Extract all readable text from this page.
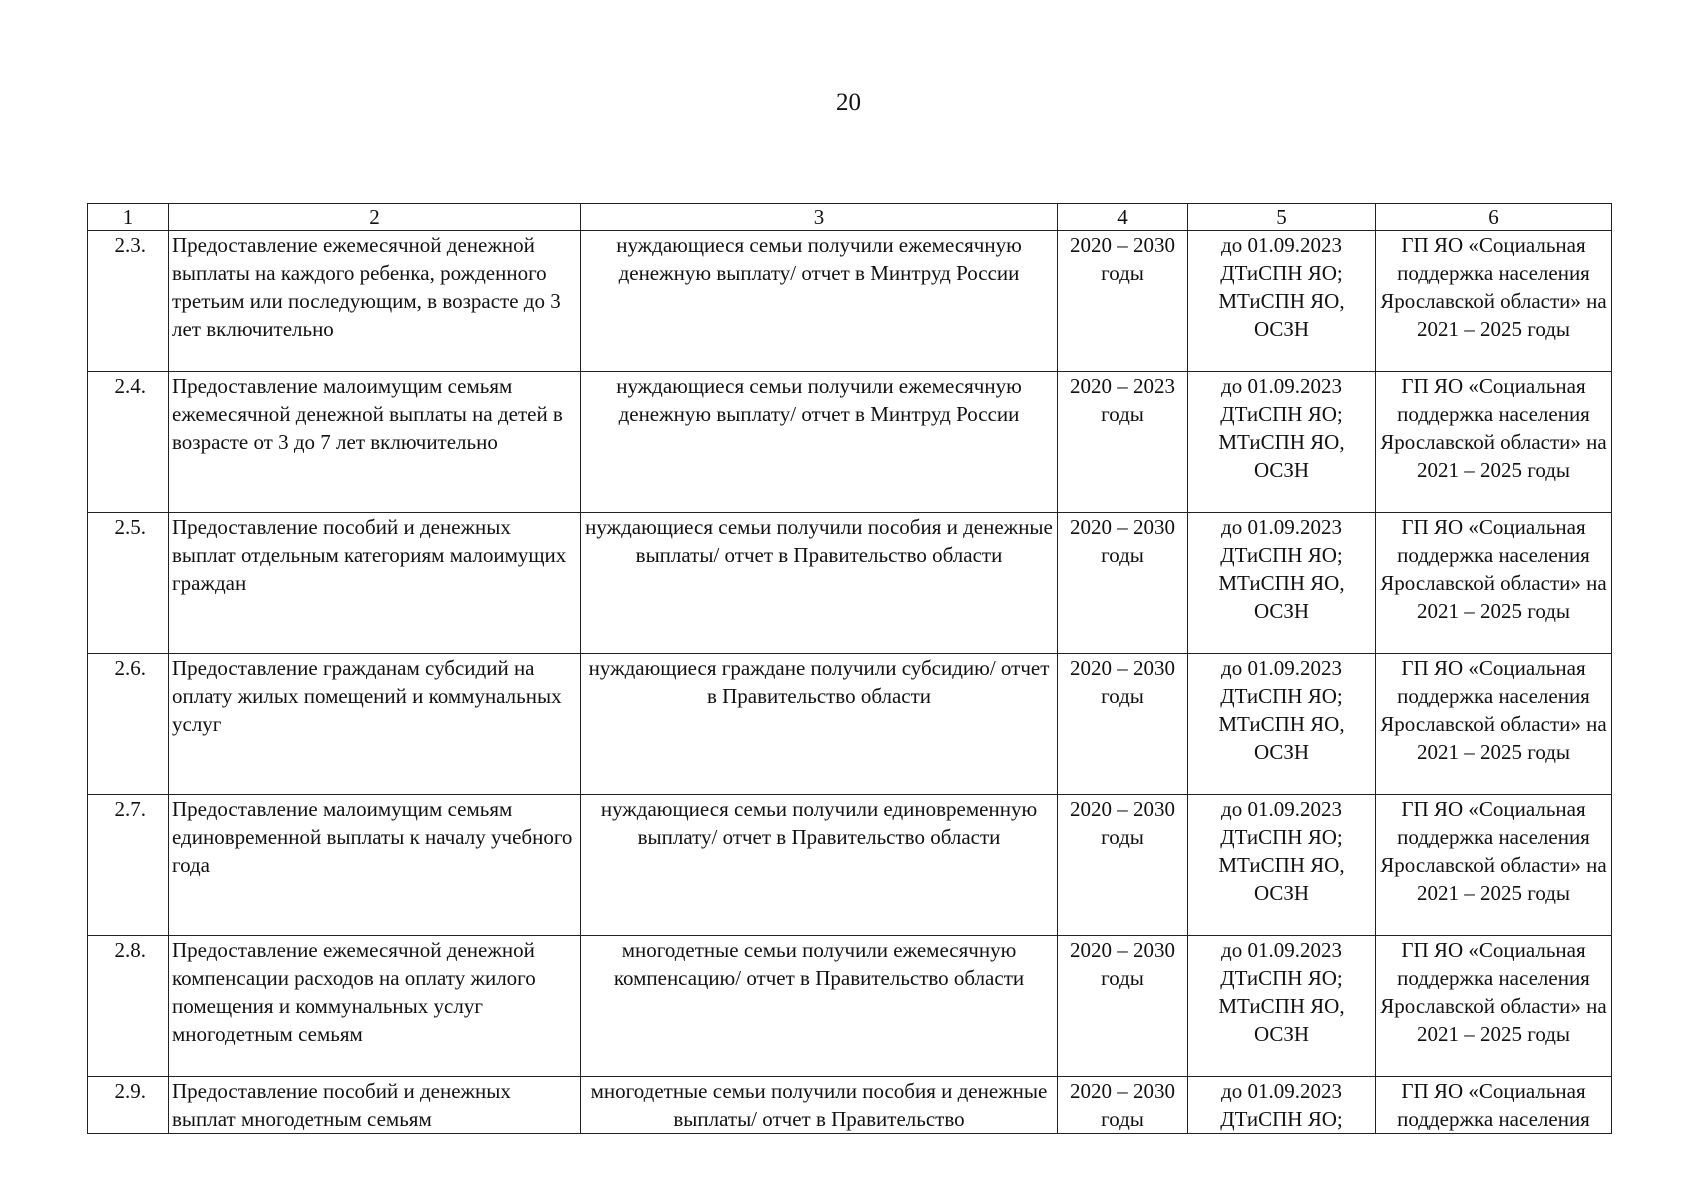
20
1	2	3	4	5	6
2.3.	Предоставление ежемесячной денежной выплаты на каждого ребенка, рожденного третьим или последующим, в возрасте до 3 лет включительно	нуждающиеся семьи получили ежемесячную денежную выплату/ отчет в Минтруд России	2020 – 2030 годы	до 01.09.2023 ДТиСПН ЯО; МТиСПН ЯО, ОСЗН	ГП ЯО «Социальная поддержка населения Ярославской области» на 2021 – 2025 годы
2.4.	Предоставление малоимущим семьям ежемесячной денежной выплаты на детей в возрасте от 3 до 7 лет включительно	нуждающиеся семьи получили ежемесячную денежную выплату/ отчет в Минтруд России	2020 – 2023 годы	до 01.09.2023 ДТиСПН ЯО; МТиСПН ЯО, ОСЗН	ГП ЯО «Социальная поддержка населения Ярославской области» на 2021 – 2025 годы
2.5.	Предоставление пособий и денежных выплат отдельным категориям малоимущих граждан	нуждающиеся семьи получили пособия и денежные выплаты/ отчет в Правительство области	2020 – 2030 годы	до 01.09.2023 ДТиСПН ЯО; МТиСПН ЯО, ОСЗН	ГП ЯО «Социальная поддержка населения Ярославской области» на 2021 – 2025 годы
2.6.	Предоставление гражданам субсидий на оплату жилых помещений и коммунальных услуг	нуждающиеся граждане получили субсидию/ отчет в Правительство области	2020 – 2030 годы	до 01.09.2023 ДТиСПН ЯО; МТиСПН ЯО, ОСЗН	ГП ЯО «Социальная поддержка населения Ярославской области» на 2021 – 2025 годы
2.7.	Предоставление малоимущим семьям единовременной выплаты к началу учебного года	нуждающиеся семьи получили единовременную выплату/ отчет в Правительство области	2020 – 2030 годы	до 01.09.2023 ДТиСПН ЯО; МТиСПН ЯО, ОСЗН	ГП ЯО «Социальная поддержка населения Ярославской области» на 2021 – 2025 годы
2.8.	Предоставление ежемесячной денежной компенсации расходов на оплату жилого помещения и коммунальных услуг многодетным семьям	многодетные семьи получили ежемесячную компенсацию/ отчет в Правительство области	2020 – 2030 годы	до 01.09.2023 ДТиСПН ЯО; МТиСПН ЯО, ОСЗН	ГП ЯО «Социальная поддержка населения Ярославской области» на 2021 – 2025 годы
2.9.	Предоставление пособий и денежных выплат многодетным семьям	многодетные семьи получили пособия и денежные выплаты/ отчет в Правительство	2020 – 2030 годы	до 01.09.2023 ДТиСПН ЯО;	ГП ЯО «Социальная поддержка населения
